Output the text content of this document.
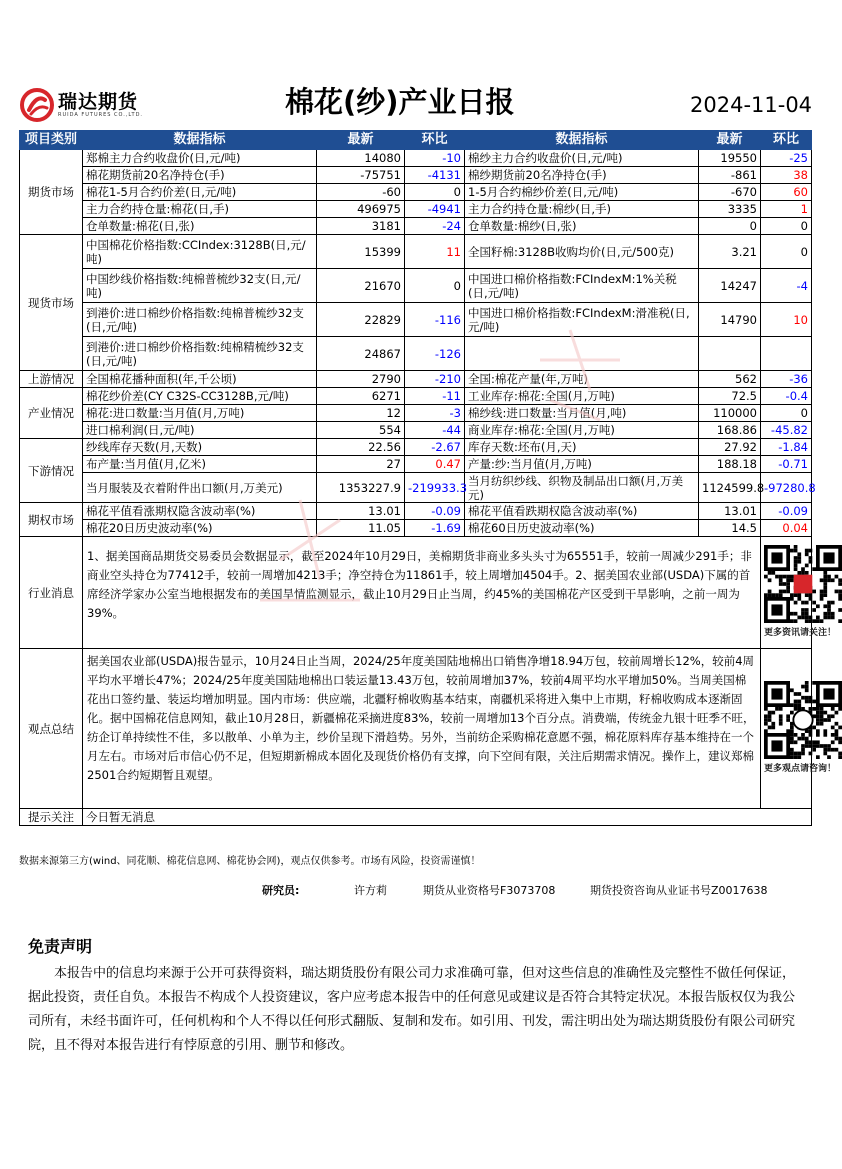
瑞达期货
RUIDA FUTURES CO.,LTD.	棉花(纱)产业日报	2024-11-04
项目类别	数据指标	最新	环比	数据指标	最新	环比
期货市场	郑棉主力合约收盘价(日,元/吨)	14080	-10	棉纱主力合约收盘价(日,元/吨)	19550	-25
	棉花期货前20名净持仓(手)	-75751	-4131	棉纱期货前20名净持仓(手)	-861	38
	棉花1-5月合约价差(日,元/吨)	-60	0	1-5月合约棉纱价差(日,元/吨)	-670	60
	主力合约持仓量:棉花(日,手)	496975	-4941	主力合约持仓量:棉纱(日,手)	3335	1
	仓单数量:棉花(日,张)	3181	-24	仓单数量:棉纱(日,张)	0	0
现货市场	中国棉花价格指数:CCIndex:3128B(日,元/吨)	15399	11	全国籽棉:3128B收购均价(日,元/500克)	3.21	0
	中国纱线价格指数:纯棉普梳纱32支(日,元/吨)	21670	0	中国进口棉价格指数:FCIndexM:1%关税(日,元/吨)	14247	-4
	到港价:进口棉纱价格指数:纯棉普梳纱32支(日,元/吨)	22829	-116	中国进口棉价格指数:FCIndexM:滑准税(日,元/吨)	14790	10
	到港价:进口棉纱价格指数:纯棉精梳纱32支(日,元/吨)	24867	-126			
上游情况	全国棉花播种面积(年,千公顷)	2790	-210	全国:棉花产量(年,万吨)	562	-36
产业情况	棉花纱价差(CY C32S-CC3128B,元/吨)	6271	-11	工业库存:棉花:全国(月,万吨)	72.5	-0.4
	棉花:进口数量:当月值(月,万吨)	12	-3	棉纱线:进口数量:当月值(月,吨)	110000	0
	进口棉利润(日,元/吨)	554	-44	商业库存:棉花:全国(月,万吨)	168.86	-45.82
下游情况	纱线库存天数(月,天数)	22.56	-2.67	库存天数:坯布(月,天)	27.92	-1.84
	布产量:当月值(月,亿米)	27	0.47	产量:纱:当月值(月,万吨)	188.18	-0.71
	当月服装及衣着附件出口额(月,万美元)	1353227.9	-219933.3	当月纺织纱线、织物及制品出口额(月,万美元)	1124599.8	-97280.8
期权市场	棉花平值看涨期权隐含波动率(%)	13.01	-0.09	棉花平值看跌期权隐含波动率(%)	13.01	-0.09
	棉花20日历史波动率(%)	11.05	-1.69	棉花60日历史波动率(%)	14.5	0.04
行业消息	1、据美国商品期货交易委员会数据显示，截至2024年10月29日，美棉期货非商业多头头寸为65551手，较前一周减少291手；非商业空头持仓为77412手，较前一周增加4213手；净空持仓为11861手，较上周增加4504手。2、据美国农业部(USDA)下属的首席经济学家办公室当地根据发布的美国旱情监测显示，截止10月29日止当周，约45%的美国棉花产区受到干旱影响，之前一周为39%。					更多资讯请关注！

观点总结	据美国农业部(USDA)报告显示，10月24日止当周，2024/25年度美国陆地棉出口销售净增18.94万包，较前周增长12%，较前4周平均水平增长47%；2024/25年度美国陆地棉出口装运量13.43万包，较前周增加37%，较前4周平均水平增加50%。当周美国棉花出口签约量、装运均增加明显。国内市场：供应端，北疆籽棉收购基本结束，南疆机采将进入集中上市期，籽棉收购成本逐渐固化。据中国棉花信息网知，截止10月28日，新疆棉花采摘进度83%，较前一周增加13个百分点。消费端，传统金九银十旺季不旺，纺企订单持续性不佳，多以散单、小单为主，纱价呈现下滑趋势。另外，当前纺企采购棉花意愿不强，棉花原料库存基本维持在一个月左右。市场对后市信心仍不足，但短期新棉成本固化及现货价格仍有支撑，向下空间有限，关注后期需求情况。操作上，建议郑棉2501合约短期暂且观望。					更多观点请咨询！

提示关注	今日暂无消息					
数据来源第三方(wind、同花顺、棉花信息网、棉花协会网)，观点仅供参考。市场有风险，投资需谨慎！
研究员:	许方莉	期货从业资格号F3073708	期货投资咨询从业证书号Z0017638
免责声明
本报告中的信息均来源于公开可获得资料，瑞达期货股份有限公司力求准确可靠，但对这些信息的准确性及完整性不做任何保证，据此投资，责任自负。本报告不构成个人投资建议，客户应考虑本报告中的任何意见或建议是否符合其特定状况。本报告版权仅为我公司所有，未经书面许可，任何机构和个人不得以任何形式翻版、复制和发布。如引用、刊发，需注明出处为瑞达期货股份有限公司研究院，且不得对本报告进行有悖原意的引用、删节和修改。
